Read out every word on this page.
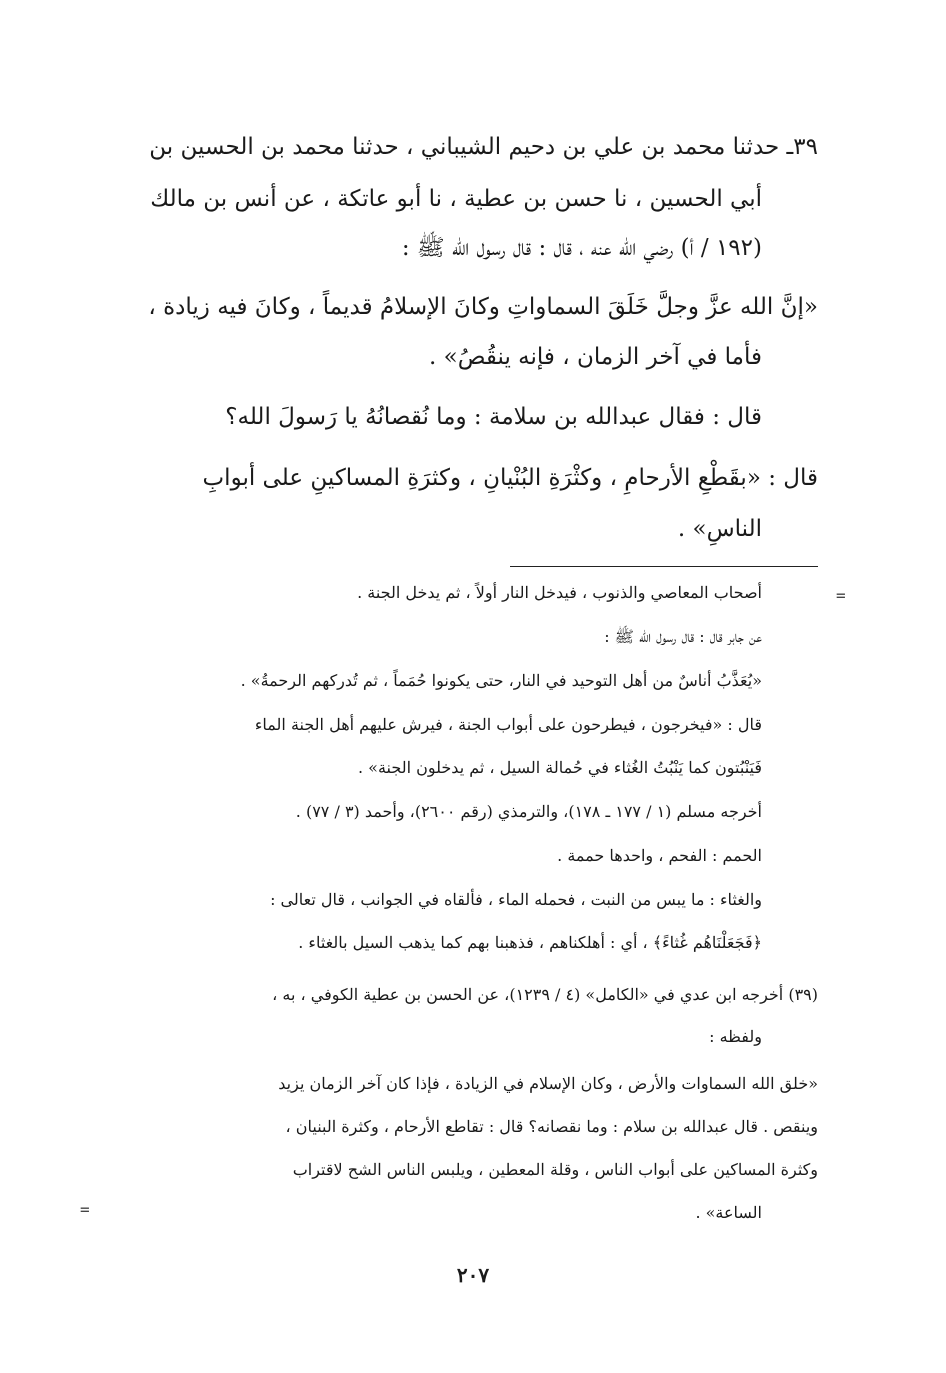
٣٩ـ حدثنا محمد بن علي بن دحيم الشيباني ، حدثنا محمد بن الحسين بن
أبي الحسين ، نا حسن بن عطية ، نا أبو عاتكة ، عن أنس بن مالك
(١٩٢ / أ) رضي الله عنه ، قال : قال رسول الله ﷺ :
«إنَّ الله عزَّ وجلَّ خَلَقَ السماواتِ وكانَ الإسلامُ قديماً ، وكانَ فيه زيادة ،
فأما في آخر الزمان ، فإنه ينقُصُ» .
قال : فقال عبدالله بن سلامة : وما نُقصانُهُ يا رَسولَ الله؟
قال : «بقَطْعِ الأرحامِ ، وكثْرَةِ البُنْيانِ ، وكثرَةِ المساكينِ على أبوابِ
الناسِ» .
=
=
أصحاب المعاصي والذنوب ، فيدخل النار أولاً ، ثم يدخل الجنة .
عن جابر قال : قال رسول الله ﷺ :
«يُعَذَّبُ أناسٌ من أهل التوحيد في النار، حتى يكونوا حُمَماً ، ثم تُدركهم الرحمةُ» .
قال : «فيخرجون ، فيطرحون على أبواب الجنة ، فيرش عليهم أهل الجنة الماء
فَيَنْبُتون كما يَنْبُتُ الغُثاء في حُمالة السيل ، ثم يدخلون الجنة» .
أخرجه مسلم (١ / ١٧٧ ـ ١٧٨)، والترمذي (رقم ٢٦٠٠)، وأحمد (٣ / ٧٧) .
الحمم : الفحم ، واحدها حممة .
والغثاء : ما يبس من النبت ، فحمله الماء ، فألقاه في الجوانب ، قال تعالى :
﴿فَجَعَلْنَاهُم غُثاءً﴾ ، أي : أهلكناهم ، فذهبنا بهم كما يذهب السيل بالغثاء .
(٣٩) أخرجه ابن عدي في «الكامل» (٤ / ١٢٣٩)، عن الحسن بن عطية الكوفي ، به ،
ولفظه :
«خلق الله السماوات والأرض ، وكان الإسلام في الزيادة ، فإذا كان آخر الزمان يزيد
وينقص . قال عبدالله بن سلام : وما نقصانه؟ قال : تقاطع الأرحام ، وكثرة البنيان ،
وكثرة المساكين على أبواب الناس ، وقلة المعطين ، ويلبس الناس الشح لاقتراب
الساعة» .
٢٠٧
